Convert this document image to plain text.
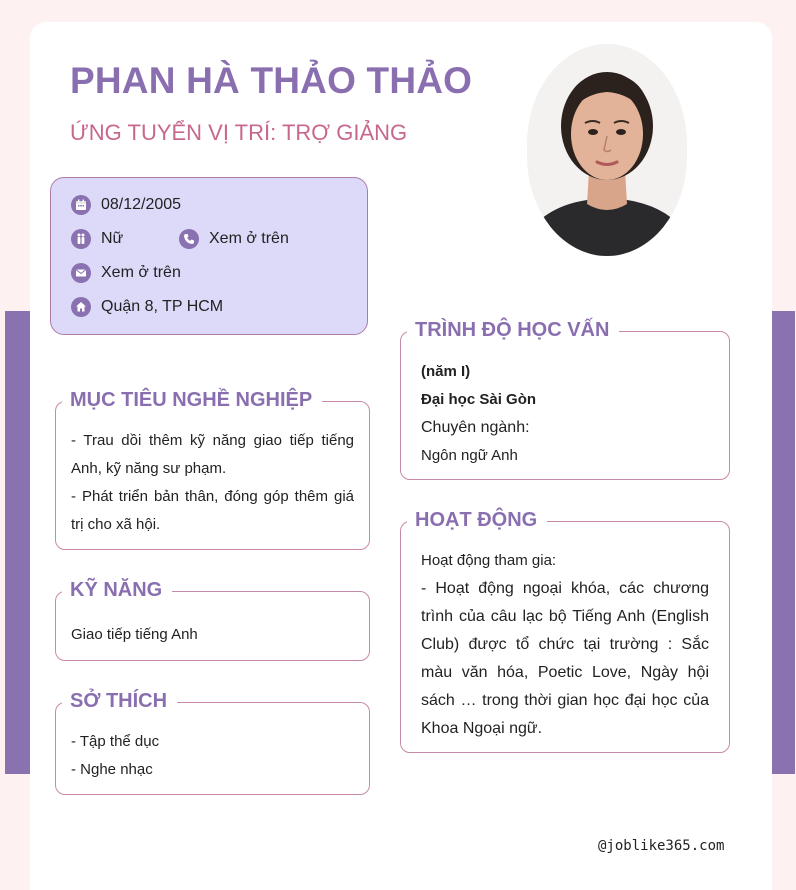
PHAN HÀ THẢO THẢO
ỨNG TUYỂN VỊ TRÍ: TRỢ GIẢNG
08/12/2005
Nữ	Xem ở trên
Xem ở trên
Quận 8, TP HCM
MỤC TIÊU NGHỀ NGHIỆP
- Trau dồi thêm kỹ năng giao tiếp tiếng Anh, kỹ năng sư phạm.
- Phát triển bản thân, đóng góp thêm giá trị cho xã hội.
KỸ NĂNG
Giao tiếp tiếng Anh
SỞ THÍCH
- Tập thể dục
- Nghe nhạc
TRÌNH ĐỘ HỌC VẤN
(năm I)
Đại học Sài Gòn
Chuyên ngành:
Ngôn ngữ Anh
HOẠT ĐỘNG
Hoạt động tham gia:
- Hoạt động ngoại khóa, các chương trình của câu lạc bộ Tiếng Anh (English Club) được tổ chức tại trường : Sắc màu văn hóa, Poetic Love, Ngày hội sách … trong thời gian học đại học của Khoa Ngoại ngữ.
@joblike365.com
